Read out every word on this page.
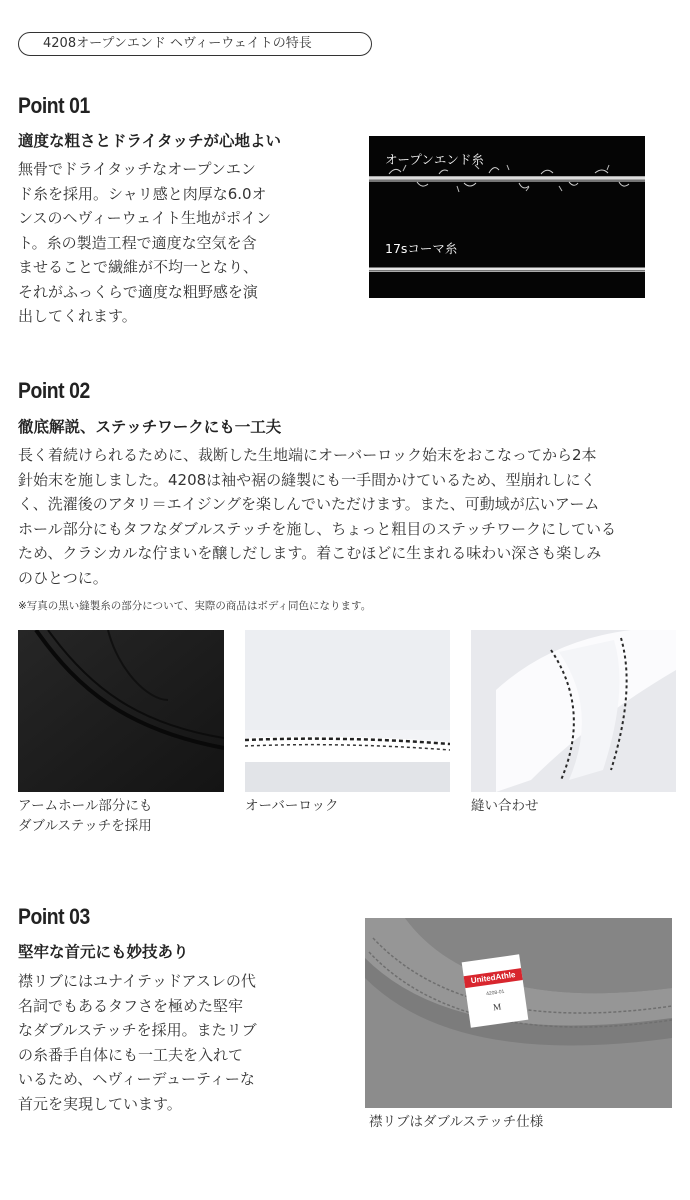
4208オープンエンド ヘヴィーウェイトの特長
Point 01
適度な粗さとドライタッチが心地よい
無骨でドライタッチなオープンエン
ド糸を採用。シャリ感と肉厚な6.0オ
ンスのヘヴィーウェイト生地がポイン
ト。糸の製造工程で適度な空気を含
ませることで繊維が不均一となり、
それがふっくらで適度な粗野感を演
出してくれます。
オープンエンド糸
17sコーマ糸
Point 02
徹底解説、ステッチワークにも一工夫
長く着続けられるために、裁断した生地端にオーバーロック始末をおこなってから2本
針始末を施しました。4208は袖や裾の縫製にも一手間かけているため、型崩れしにく
く、洗濯後のアタリ＝エイジングを楽しんでいただけます。また、可動域が広いアーム
ホール部分にもタフなダブルステッチを施し、ちょっと粗目のステッチワークにしている
ため、クラシカルな佇まいを醸しだします。着こむほどに生まれる味わい深さも楽しみ
のひとつに。
※写真の黒い縫製糸の部分について、実際の商品はボディ同色になります。
アームホール部分にも
ダブルステッチを採用
オーバーロック	縫い合わせ
Point 03
堅牢な首元にも妙技あり
襟リブにはユナイテッドアスレの代
名詞でもあるタフさを極めた堅牢
なダブルステッチを採用。またリブ
の糸番手自体にも一工夫を入れて
いるため、ヘヴィーデューティーな
首元を実現しています。
UnitedAthle
4208-01
M
襟リブはダブルステッチ仕様
